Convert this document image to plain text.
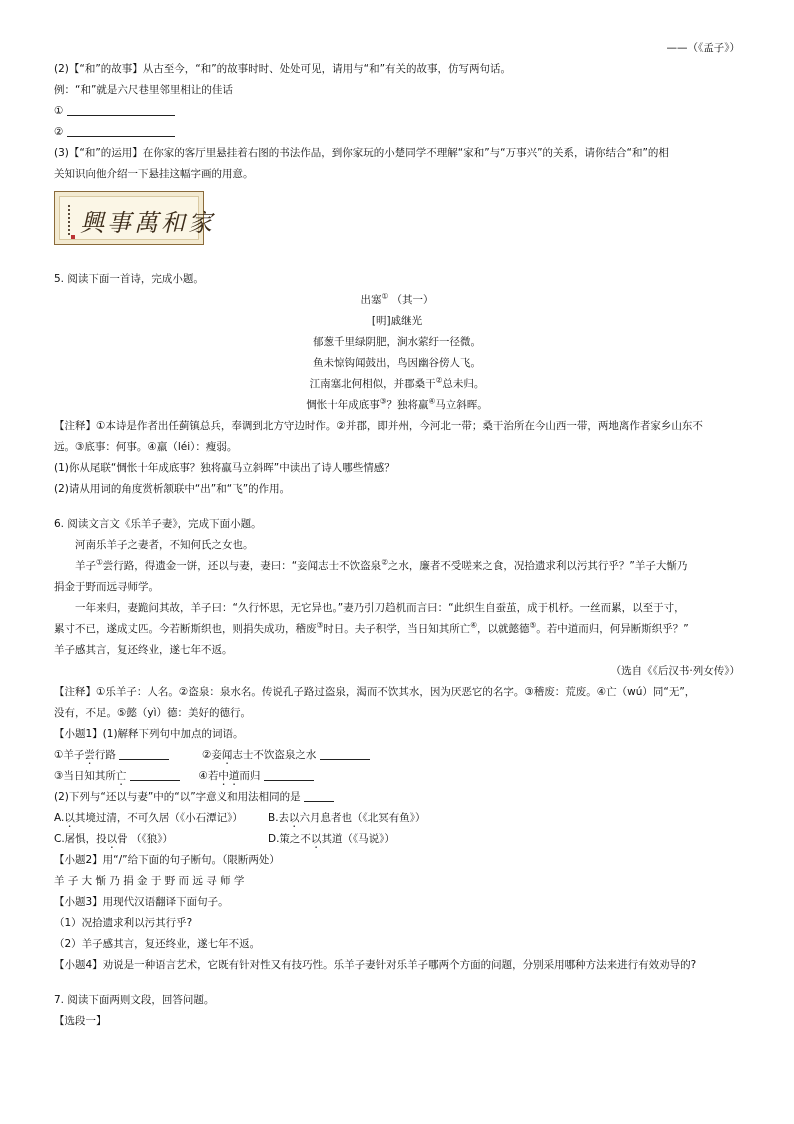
——（《孟子》）
(2)【“和”的故事】从古至今，“和”的故事时时、处处可见，请用与“和”有关的故事，仿写两句话。
例：“和”就是六尺巷里邻里相让的佳话
①
②
(3)【“和”的运用】在你家的客厅里悬挂着右图的书法作品，到你家玩的小楚同学不理解“家和”与“万事兴”的关系，请你结合“和”的相
关知识向他介绍一下悬挂这幅字画的用意。
興事萬和家
5. 阅读下面一首诗，完成小题。
出塞① （其一）
[明]戚继光
郁葱千里绿阴肥，涧水萦纡一径微。
鱼未惊钩闻鼓出，鸟因幽谷傍人飞。
江南塞北何相似，并郡桑干②总未归。
惆怅十年成底事③？独将羸④马立斜晖。
【注释】①本诗是作者出任蓟镇总兵，奉调到北方守边时作。②并郡，即并州，今河北一带；桑干治所在今山西一带，两地离作者家乡山东不
远。③底事：何事。④羸（léi）：瘦弱。
(1)你从尾联“惆怅十年成底事？独将羸马立斜晖”中读出了诗人哪些情感？
(2)请从用词的角度赏析颔联中“出”和“飞”的作用。
6. 阅读文言文《乐羊子妻》，完成下面小题。
河南乐羊子之妻者，不知何氏之女也。
羊子①尝行路，得遗金一饼，还以与妻，妻曰：“妾闻志士不饮盗泉②之水，廉者不受嗟来之食，况拾遗求利以污其行乎？”羊子大惭乃
捐金于野而远寻师学。
一年来归，妻跪问其故，羊子曰：“久行怀思，无它异也。”妻乃引刀趋机而言曰：“此织生自蚕茧，成于机杼。一丝而累，以至于寸，
累寸不已，遂成丈匹。今若断斯织也，则捐失成功，稽废③时日。夫子积学，当日知其所亡④，以就懿德⑤。若中道而归，何异断斯织乎？”
羊子感其言，复还终业，遂七年不返。
（选自《《后汉书·列女传》）
【注释】①乐羊子：人名。②盗泉：泉水名。传说孔子路过盗泉，渴而不饮其水，因为厌恶它的名字。③稽废：荒废。④亡（wú）同“无”，
没有，不足。⑤懿（yì）德：美好的德行。
【小题1】(1)解释下列句中加点的词语。
①羊子尝行路	②妾闻志士不饮盗泉之水
③当日知其所亡	④若中道而归
(2)下列与“还以与妻”中的“以”字意义和用法相同的是
A.以其境过清，不可久居（《小石潭记》） B.去以六月息者也（《北冥有鱼》）
C.屠惧，投以骨 （《狼》）	D.策之不以其道（《马说》）
【小题2】用“/”给下面的句子断句。（限断两处）
羊 子 大 惭 乃 捐 金 于 野 而 远 寻 师 学
【小题3】用现代汉语翻译下面句子。
（1）况拾遗求利以污其行乎?
（2）羊子感其言，复还终业，遂七年不返。
【小题4】劝说是一种语言艺术，它既有针对性又有技巧性。乐羊子妻针对乐羊子哪两个方面的问题，分别采用哪种方法来进行有效劝导的?
7. 阅读下面两则文段，回答问题。
【选段一】
